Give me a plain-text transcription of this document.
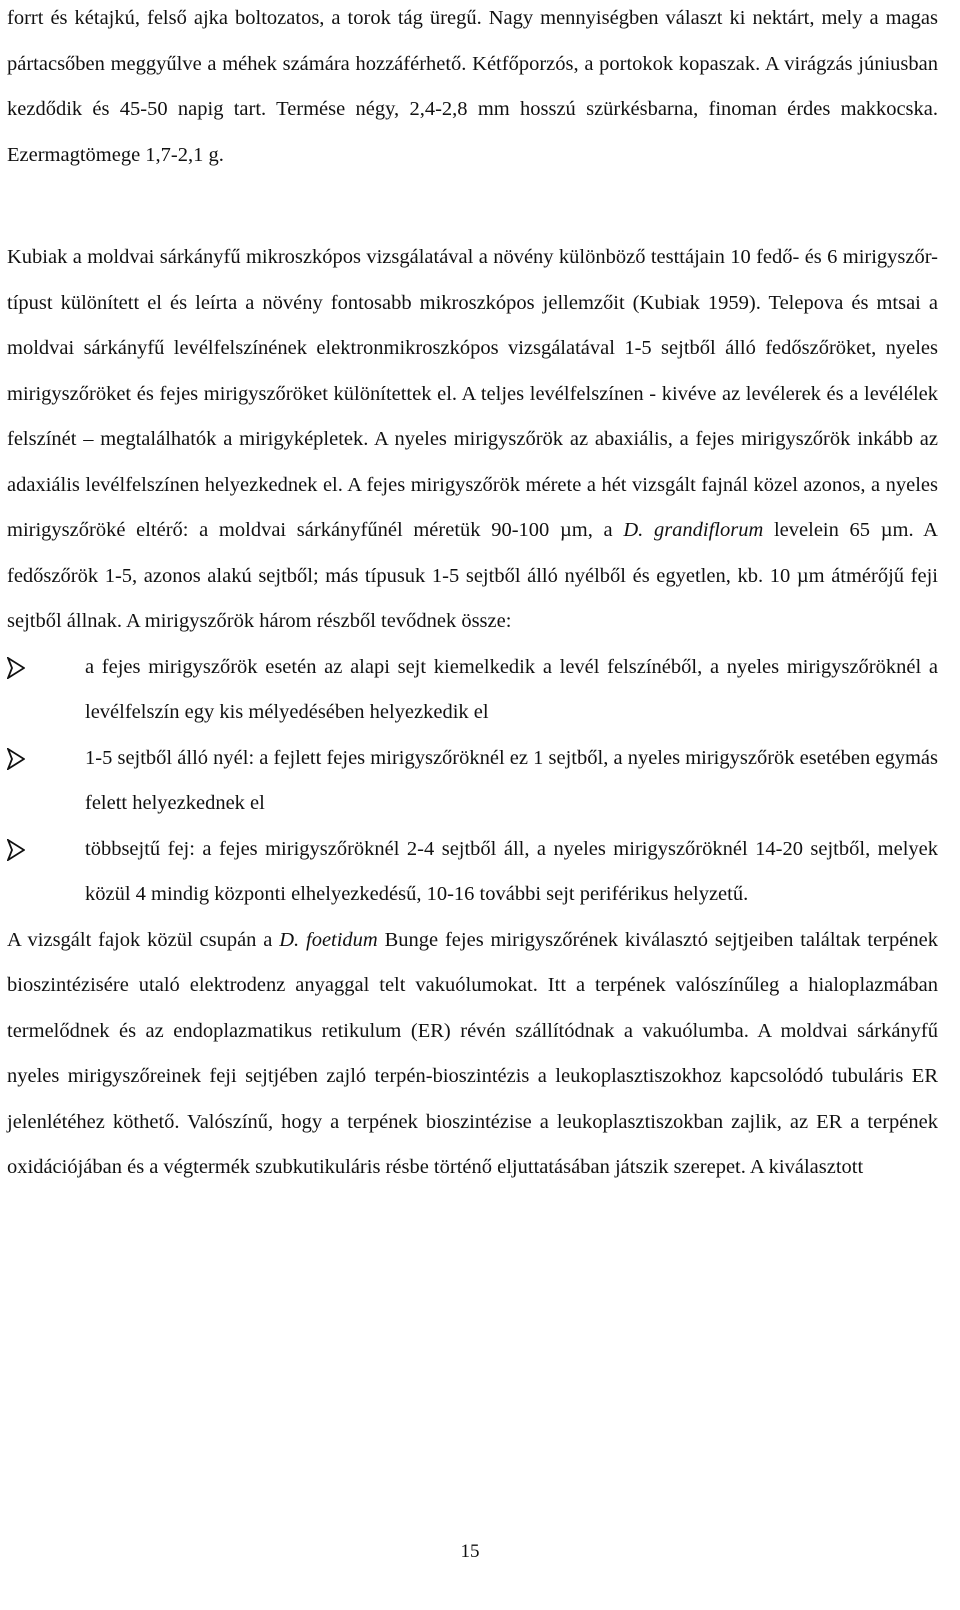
forrt és kétajkú, felső ajka boltozatos, a torok tág üregű. Nagy mennyiségben választ ki nektárt, mely a magas pártacsőben meggyűlve a méhek számára hozzáférhető. Kétfőporzós, a portokok kopaszak. A virágzás júniusban kezdődik és 45-50 napig tart. Termése négy, 2,4-2,8 mm hosszú szürkésbarna, finoman érdes makkocska. Ezermagtömege 1,7-2,1 g.

Kubiak a moldvai sárkányfű mikroszkópos vizsgálatával a növény különböző testtájain 10 fedő- és 6 mirigyszőr-típust különített el és leírta a növény fontosabb mikroszkópos jellemzőit (Kubiak 1959). Telepova és mtsai a moldvai sárkányfű levélfelszínének elektronmikroszkópos vizsgálatával 1-5 sejtből álló fedőszőröket, nyeles mirigyszőröket és fejes mirigyszőröket különítettek el. A teljes levélfelszínen - kivéve az levélerek és a levélélek felszínét – megtalálhatók a mirigyképletek. A nyeles mirigyszőrök az abaxiális, a fejes mirigyszőrök inkább az adaxiális levélfelszínen helyezkednek el. A fejes mirigyszőrök mérete a hét vizsgált fajnál közel azonos, a nyeles mirigyszőröké eltérő: a moldvai sárkányfűnél méretük 90-100 µm, a D. grandiflorum levelein 65 µm. A fedőszőrök 1-5, azonos alakú sejtből; más típusuk 1-5 sejtből álló nyélből és egyetlen, kb. 10 µm átmérőjű feji sejtből állnak. A mirigyszőrök három részből tevődnek össze:

a fejes mirigyszőrök esetén az alapi sejt kiemelkedik a levél felszínéből, a nyeles mirigyszőröknél a levélfelszín egy kis mélyedésében helyezkedik el
1-5 sejtből álló nyél: a fejlett fejes mirigyszőröknél ez 1 sejtből, a nyeles mirigyszőrök esetében egymás felett helyezkednek el
többsejtű fej: a fejes mirigyszőröknél 2-4 sejtből áll, a nyeles mirigyszőröknél 14-20 sejtből, melyek közül 4 mindig központi elhelyezkedésű, 10-16 további sejt periférikus helyzetű.

A vizsgált fajok közül csupán a D. foetidum Bunge fejes mirigyszőrének kiválasztó sejtjeiben találtak terpének bioszintézisére utaló elektrodenz anyaggal telt vakuólumokat. Itt a terpének valószínűleg a hialoplazmában termelődnek és az endoplazmatikus retikulum (ER) révén szállítódnak a vakuólumba. A moldvai sárkányfű nyeles mirigyszőreinek feji sejtjében zajló terpén-bioszintézis a leukoplasztiszokhoz kapcsolódó tubuláris ER jelenlétéhez köthető. Valószínű, hogy a terpének bioszintézise a leukoplasztiszokban zajlik, az ER a terpének oxidációjában és a végtermék szubkutikuláris résbe történő eljuttatásában játszik szerepet. A kiválasztott

15
